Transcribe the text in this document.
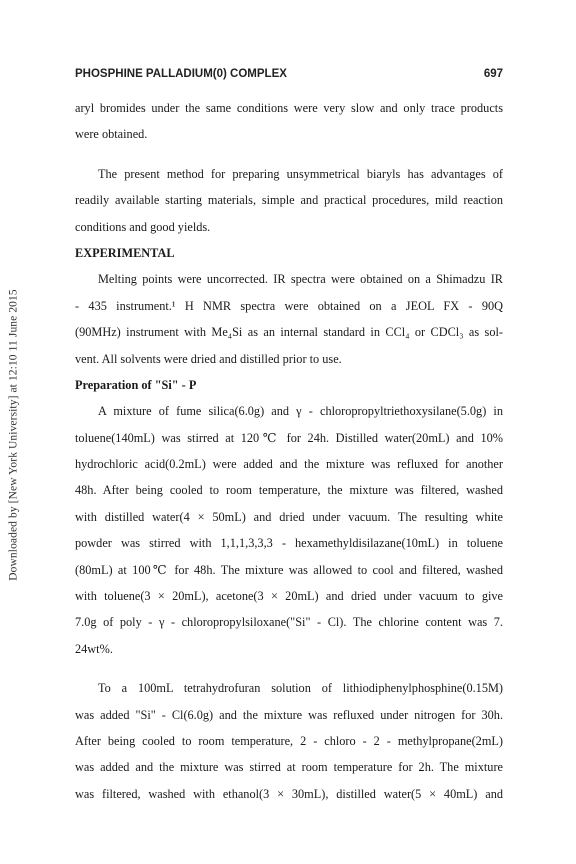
Downloaded by [New York University] at 12:10 11 June 2015
PHOSPHINE PALLADIUM(0) COMPLEX	697
aryl bromides under the same conditions were very slow and only trace products
were obtained.
The present method for preparing unsymmetrical biaryls has advantages of
readily available starting materials, simple and practical procedures, mild reaction
conditions and good yields.
EXPERIMENTAL
Melting points were uncorrected. IR spectra were obtained on a Shimadzu IR
- 435 instrument.¹ H NMR spectra were obtained on a JEOL FX - 90Q
(90MHz) instrument with Me₄Si as an internal standard in CCl₄ or CDCl₃ as sol-
vent. All solvents were dried and distilled prior to use.
Preparation of "Si" - P
A mixture of fume silica(6.0g) and γ - chloropropyltriethoxysilane(5.0g) in
toluene(140mL) was stirred at 120℃ for 24h. Distilled water(20mL) and 10%
hydrochloric acid(0.2mL) were added and the mixture was refluxed for another
48h. After being cooled to room temperature, the mixture was filtered, washed
with distilled water(4 × 50mL) and dried under vacuum. The resulting white
powder was stirred with 1,1,1,3,3,3 - hexamethyldisilazane(10mL) in toluene
(80mL) at 100℃ for 48h. The mixture was allowed to cool and filtered, washed
with toluene(3 × 20mL), acetone(3 × 20mL) and dried under vacuum to give
7.0g of poly - γ - chloropropylsiloxane("Si" - Cl). The chlorine content was 7.
24wt%.
To a 100mL tetrahydrofuran solution of lithiodiphenylphosphine(0.15M)
was added "Si" - Cl(6.0g) and the mixture was refluxed under nitrogen for 30h.
After being cooled to room temperature, 2 - chloro - 2 - methylpropane(2mL)
was added and the mixture was stirred at room temperature for 2h. The mixture
was filtered, washed with ethanol(3 × 30mL), distilled water(5 × 40mL) and
